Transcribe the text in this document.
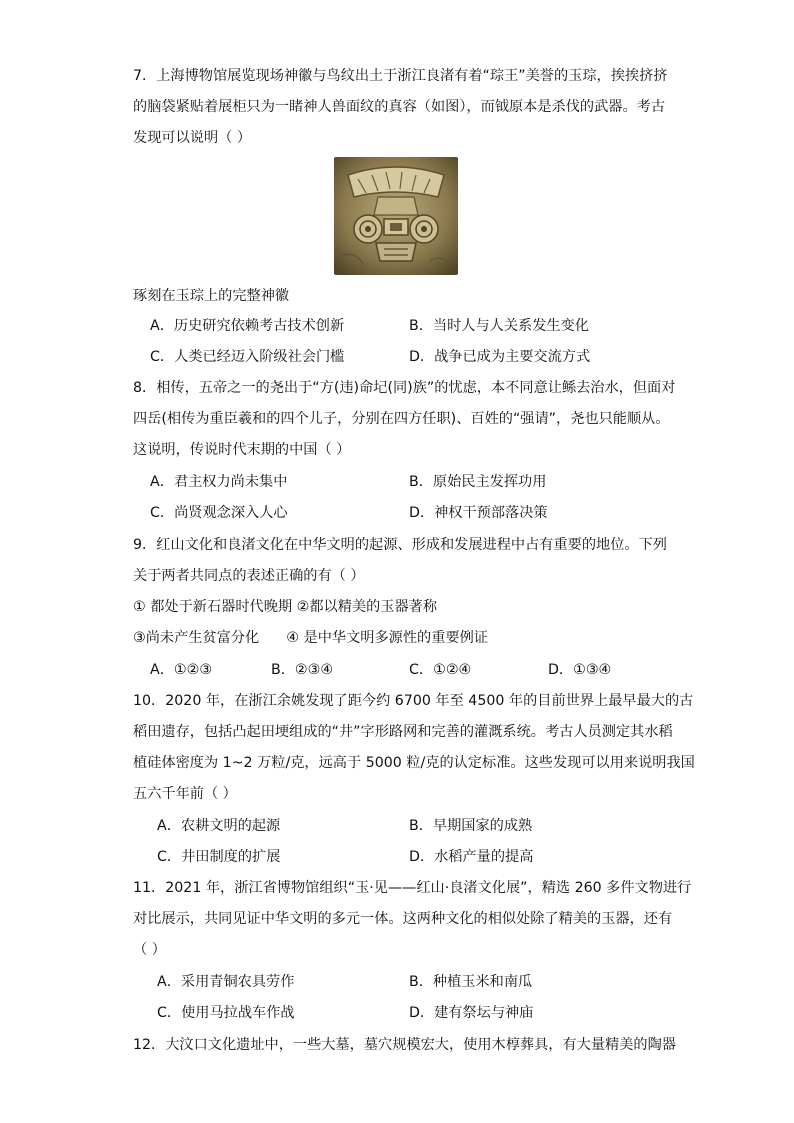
7．上海博物馆展览现场神徽与鸟纹出土于浙江良渚有着“琮王”美誉的玉琮，挨挨挤挤
的脑袋紧贴着展柜只为一睹神人兽面纹的真容（如图），而钺原本是杀伐的武器。考古
发现可以说明（ ）
琢刻在玉琮上的完整神徽
A．历史研究依赖考古技术创新	B．当时人与人关系发生变化
C．人类已经迈入阶级社会门槛	D．战争已成为主要交流方式
8．相传，五帝之一的尧出于“方(违)命圮(同)族”的忧虑，本不同意让鲧去治水，但面对
四岳(相传为重臣羲和的四个儿子，分别在四方任职)、百姓的“强请”，尧也只能顺从。
这说明，传说时代末期的中国（ ）
A．君主权力尚未集中	B．原始民主发挥功用
C．尚贤观念深入人心	D．神权干预部落决策
9．红山文化和良渚文化在中华文明的起源、形成和发展进程中占有重要的地位。下列
关于两者共同点的表述正确的有（ ）
① 都处于新石器时代晚期 ②都以精美的玉器著称
③尚未产生贫富分化      ④ 是中华文明多源性的重要例证
A．①②③	B．②③④	C．①②④	D．①③④
10．2020 年，在浙江余姚发现了距今约 6700 年至 4500 年的目前世界上最早最大的古
稻田遗存，包括凸起田埂组成的“井”字形路网和完善的灌溉系统。考古人员测定其水稻
植硅体密度为 1~2 万粒/克，远高于 5000 粒/克的认定标准。这些发现可以用来说明我国
五六千年前（ ）
A．农耕文明的起源	B．早期国家的成熟
C．井田制度的扩展	D．水稻产量的提高
11．2021 年，浙江省博物馆组织“玉·见——红山·良渚文化展”，精选 260 多件文物进行
对比展示，共同见证中华文明的多元一体。这两种文化的相似处除了精美的玉器，还有
（ ）
A．采用青铜农具劳作	B．种植玉米和南瓜
C．使用马拉战车作战	D．建有祭坛与神庙
12．大汶口文化遗址中，一些大墓，墓穴规模宏大，使用木椁葬具，有大量精美的陶器
